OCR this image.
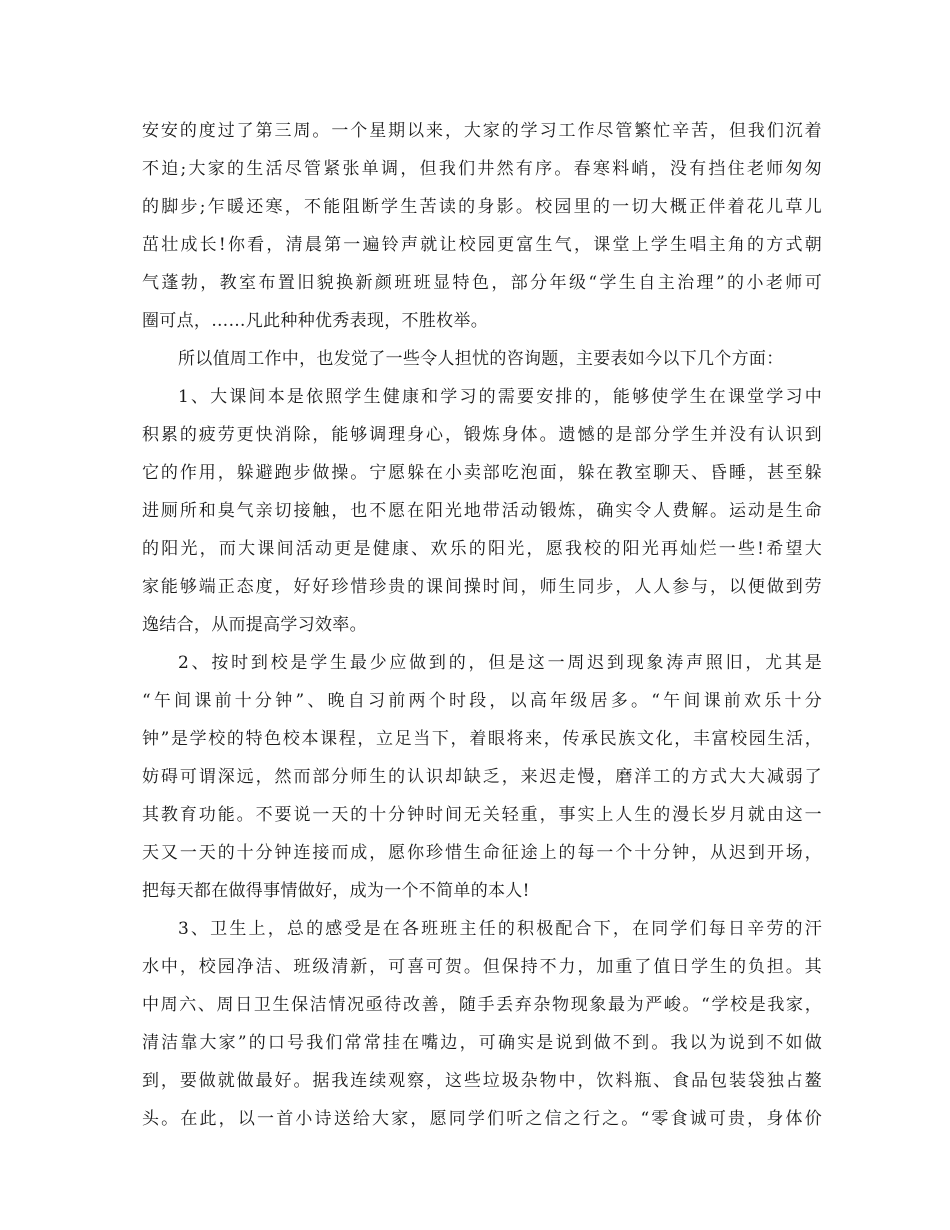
安安的度过了第三周。一个星期以来，大家的学习工作尽管繁忙辛苦，但我们沉着
不迫;大家的生活尽管紧张单调，但我们井然有序。春寒料峭，没有挡住老师匆匆
的脚步;乍暖还寒，不能阻断学生苦读的身影。校园里的一切大概正伴着花儿草儿
茁壮成长!你看，清晨第一遍铃声就让校园更富生气，课堂上学生唱主角的方式朝
气蓬勃，教室布置旧貌换新颜班班显特色，部分年级“学生自主治理”的小老师可
圈可点，……凡此种种优秀表现，不胜枚举。
所以值周工作中，也发觉了一些令人担忧的咨询题，主要表如今以下几个方面：
1、大课间本是依照学生健康和学习的需要安排的，能够使学生在课堂学习中
积累的疲劳更快消除，能够调理身心，锻炼身体。遗憾的是部分学生并没有认识到
它的作用，躲避跑步做操。宁愿躲在小卖部吃泡面，躲在教室聊天、昏睡，甚至躲
进厕所和臭气亲切接触，也不愿在阳光地带活动锻炼，确实令人费解。运动是生命
的阳光，而大课间活动更是健康、欢乐的阳光，愿我校的阳光再灿烂一些!希望大
家能够端正态度，好好珍惜珍贵的课间操时间，师生同步，人人参与，以便做到劳
逸结合，从而提高学习效率。
2、按时到校是学生最少应做到的，但是这一周迟到现象涛声照旧，尤其是
“午间课前十分钟”、晚自习前两个时段，以高年级居多。“午间课前欢乐十分
钟”是学校的特色校本课程，立足当下，着眼将来，传承民族文化，丰富校园生活，
妨碍可谓深远，然而部分师生的认识却缺乏，来迟走慢，磨洋工的方式大大减弱了
其教育功能。不要说一天的十分钟时间无关轻重，事实上人生的漫长岁月就由这一
天又一天的十分钟连接而成，愿你珍惜生命征途上的每一个十分钟，从迟到开场，
把每天都在做得事情做好，成为一个不简单的本人!
3、卫生上，总的感受是在各班班主任的积极配合下，在同学们每日辛劳的汗
水中，校园净洁、班级清新，可喜可贺。但保持不力，加重了值日学生的负担。其
中周六、周日卫生保洁情况亟待改善，随手丢弃杂物现象最为严峻。“学校是我家，
清洁靠大家”的口号我们常常挂在嘴边，可确实是说到做不到。我以为说到不如做
到，要做就做最好。据我连续观察，这些垃圾杂物中，饮料瓶、食品包装袋独占鳌
头。在此，以一首小诗送给大家，愿同学们听之信之行之。“零食诚可贵，身体价
